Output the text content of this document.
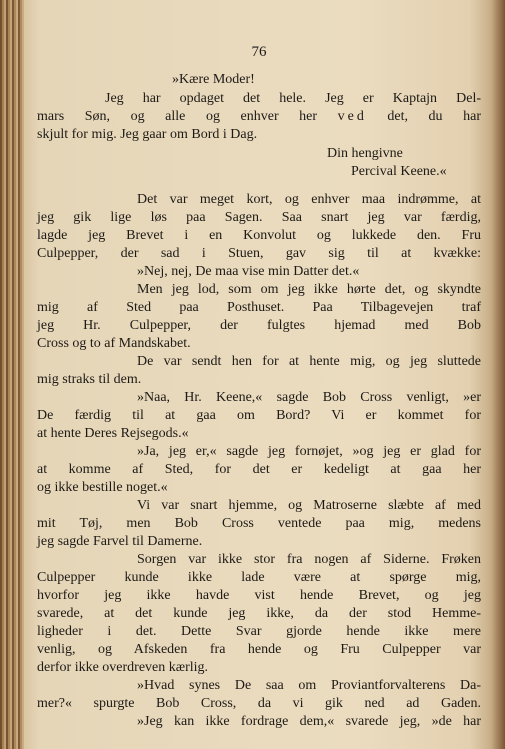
76
»Kære Moder!
Jeg har opdaget det hele. Jeg er Kaptajn Del-
mars Søn, og alle og enhver her ved det, du har
skjult for mig. Jeg gaar om Bord i Dag.
Din hengivne
Percival Keene.«
Det var meget kort, og enhver maa indrømme, at
jeg gik lige løs paa Sagen. Saa snart jeg var færdig,
lagde jeg Brevet i en Konvolut og lukkede den. Fru
Culpepper, der sad i Stuen, gav sig til at kvække:
»Nej, nej, De maa vise min Datter det.«
Men jeg lod, som om jeg ikke hørte det, og skyndte
mig af Sted paa Posthuset. Paa Tilbagevejen traf
jeg Hr. Culpepper, der fulgtes hjemad med Bob
Cross og to af Mandskabet.
De var sendt hen for at hente mig, og jeg sluttede
mig straks til dem.
»Naa, Hr. Keene,« sagde Bob Cross venligt, »er
De færdig til at gaa om Bord? Vi er kommet for
at hente Deres Rejsegods.«
»Ja, jeg er,« sagde jeg fornøjet, »og jeg er glad for
at komme af Sted, for det er kedeligt at gaa her
og ikke bestille noget.«
Vi var snart hjemme, og Matroserne slæbte af med
mit Tøj, men Bob Cross ventede paa mig, medens
jeg sagde Farvel til Damerne.
Sorgen var ikke stor fra nogen af Siderne. Frøken
Culpepper kunde ikke lade være at spørge mig,
hvorfor jeg ikke havde vist hende Brevet, og jeg
svarede, at det kunde jeg ikke, da der stod Hemme-
ligheder i det. Dette Svar gjorde hende ikke mere
venlig, og Afskeden fra hende og Fru Culpepper var
derfor ikke overdreven kærlig.
»Hvad synes De saa om Proviantforvalterens Da-
mer?« spurgte Bob Cross, da vi gik ned ad Gaden.
»Jeg kan ikke fordrage dem,« svarede jeg, »de har
